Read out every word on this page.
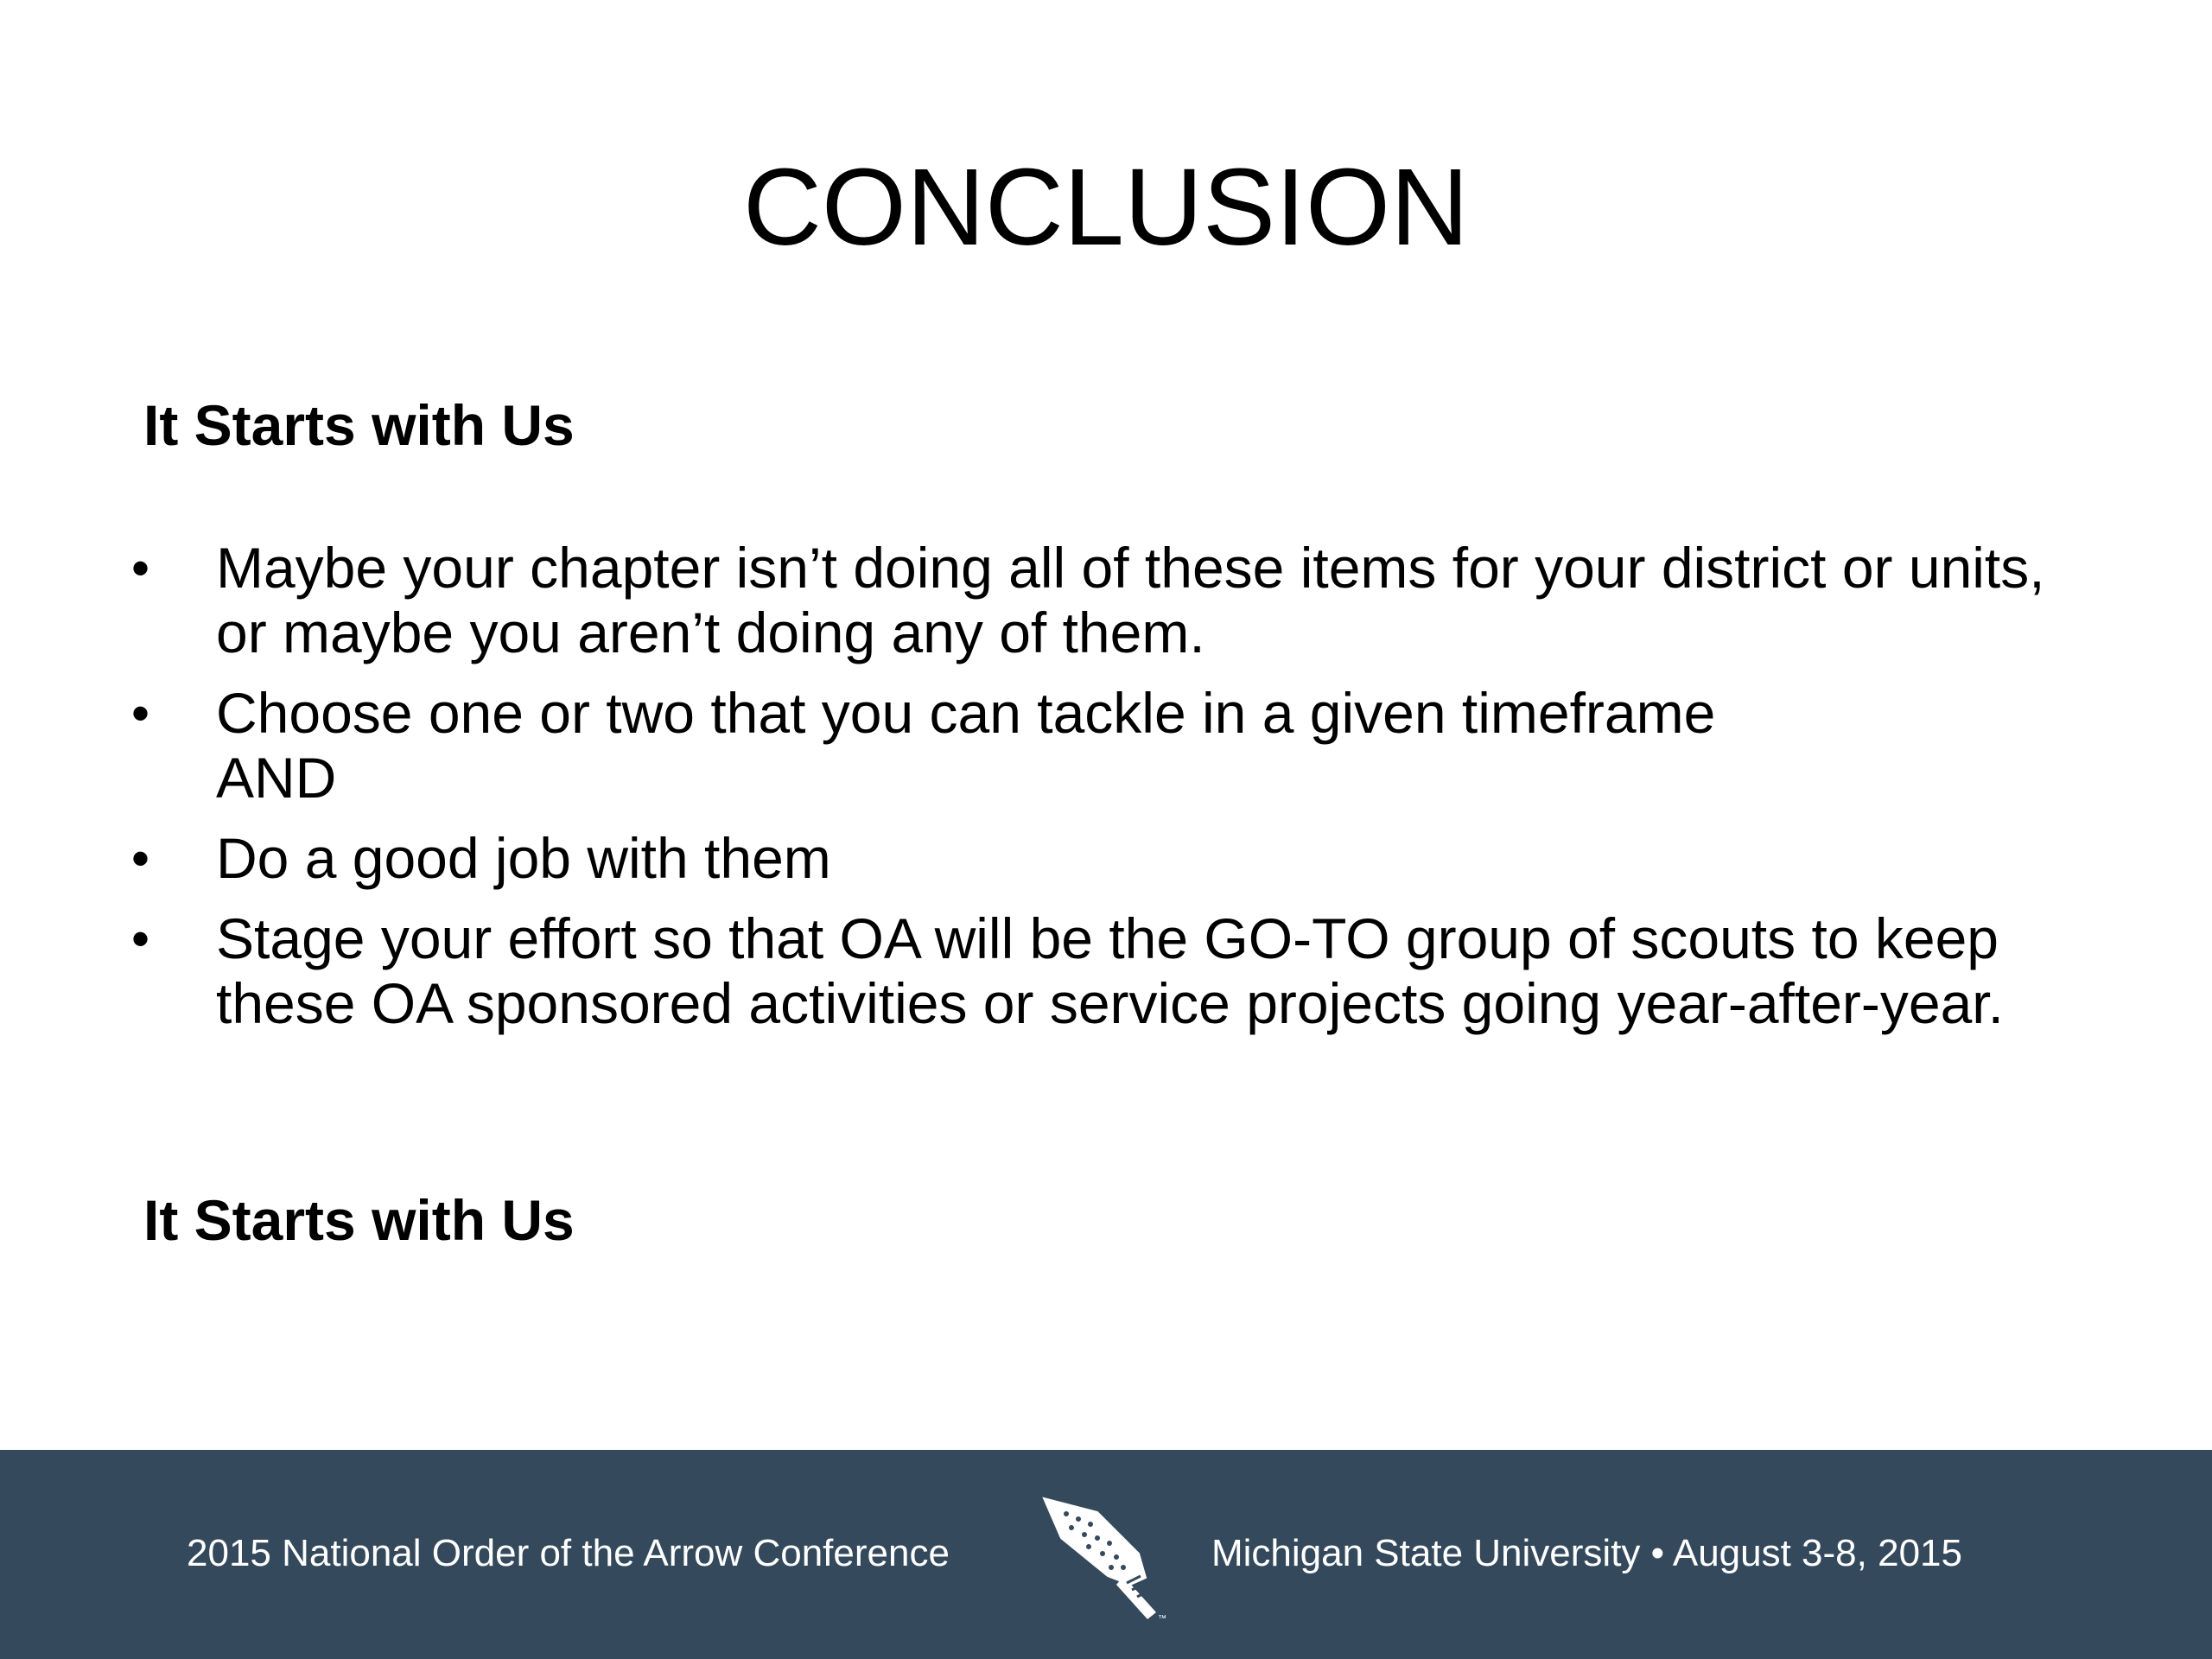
CONCLUSION
It Starts with Us
• Maybe your chapter isn’t doing all of these items for your district or units, or maybe you aren’t doing any of them.
• Choose one or two that you can tackle in a given timeframe
AND
• Do a good job with them
• Stage your effort so that OA will be the GO-TO group of scouts to keep these OA sponsored activities or service projects going year-after-year.
It Starts with Us
2015 National Order of the Arrow Conference
™
Michigan State University • August 3-8, 2015
